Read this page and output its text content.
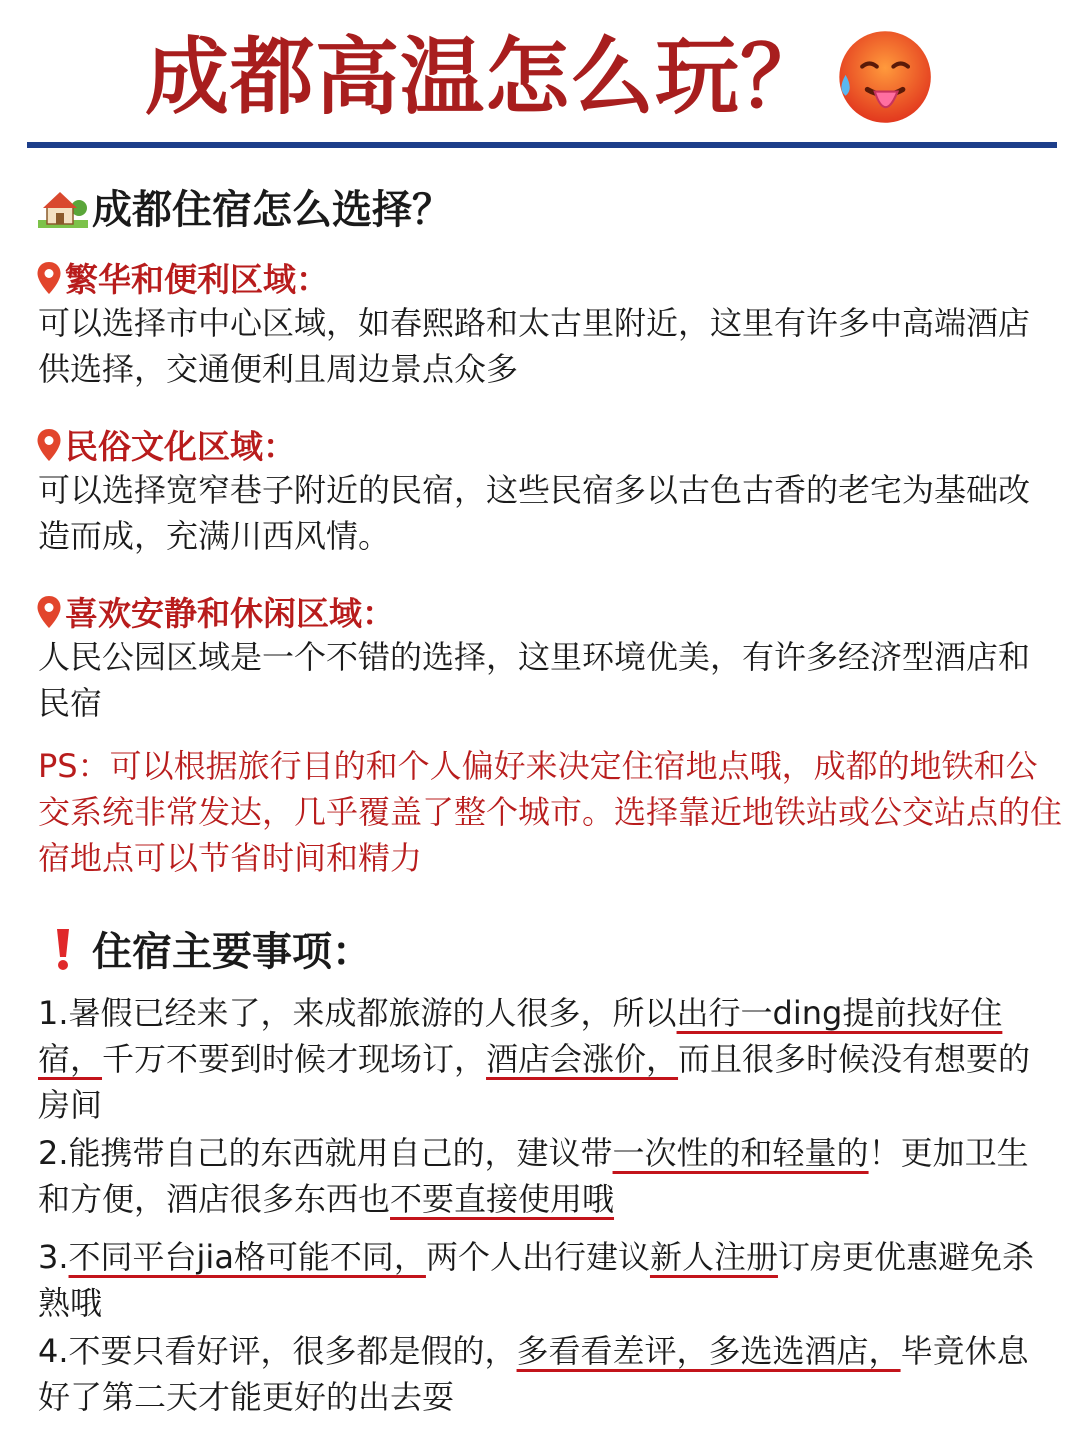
成都高温怎么玩？
成都住宿怎么选择？
繁华和便利区域：

可以选择市中心区域，如春熙路和太古里附近，这里有许多中高端酒店供选择，交通便利且周边景点众多

民俗文化区域：

可以选择宽窄巷子附近的民宿，这些民宿多以古色古香的老宅为基础改造而成，充满川西风情。

喜欢安静和休闲区域：

人民公园区域是一个不错的选择，这里环境优美，有许多经济型酒店和民宿

PS：可以根据旅行目的和个人偏好来决定住宿地点哦，成都的地铁和公交系统非常发达，几乎覆盖了整个城市。选择靠近地铁站或公交站点的住宿地点可以节省时间和精力

住宿主要事项：

1.暑假已经来了，来成都旅游的人很多，所以出行一ding提前找好住宿，千万不要到时候才现场订，酒店会涨价，而且很多时候没有想要的房间

2.能携带自己的东西就用自己的，建议带一次性的和轻量的！更加卫生和方便，酒店很多东西也不要直接使用哦

3.不同平台jia格可能不同，两个人出行建议新人注册订房更优惠避免杀熟哦

4.不要只看好评，很多都是假的，多看看差评，多选选酒店，毕竟休息好了第二天才能更好的出去耍
